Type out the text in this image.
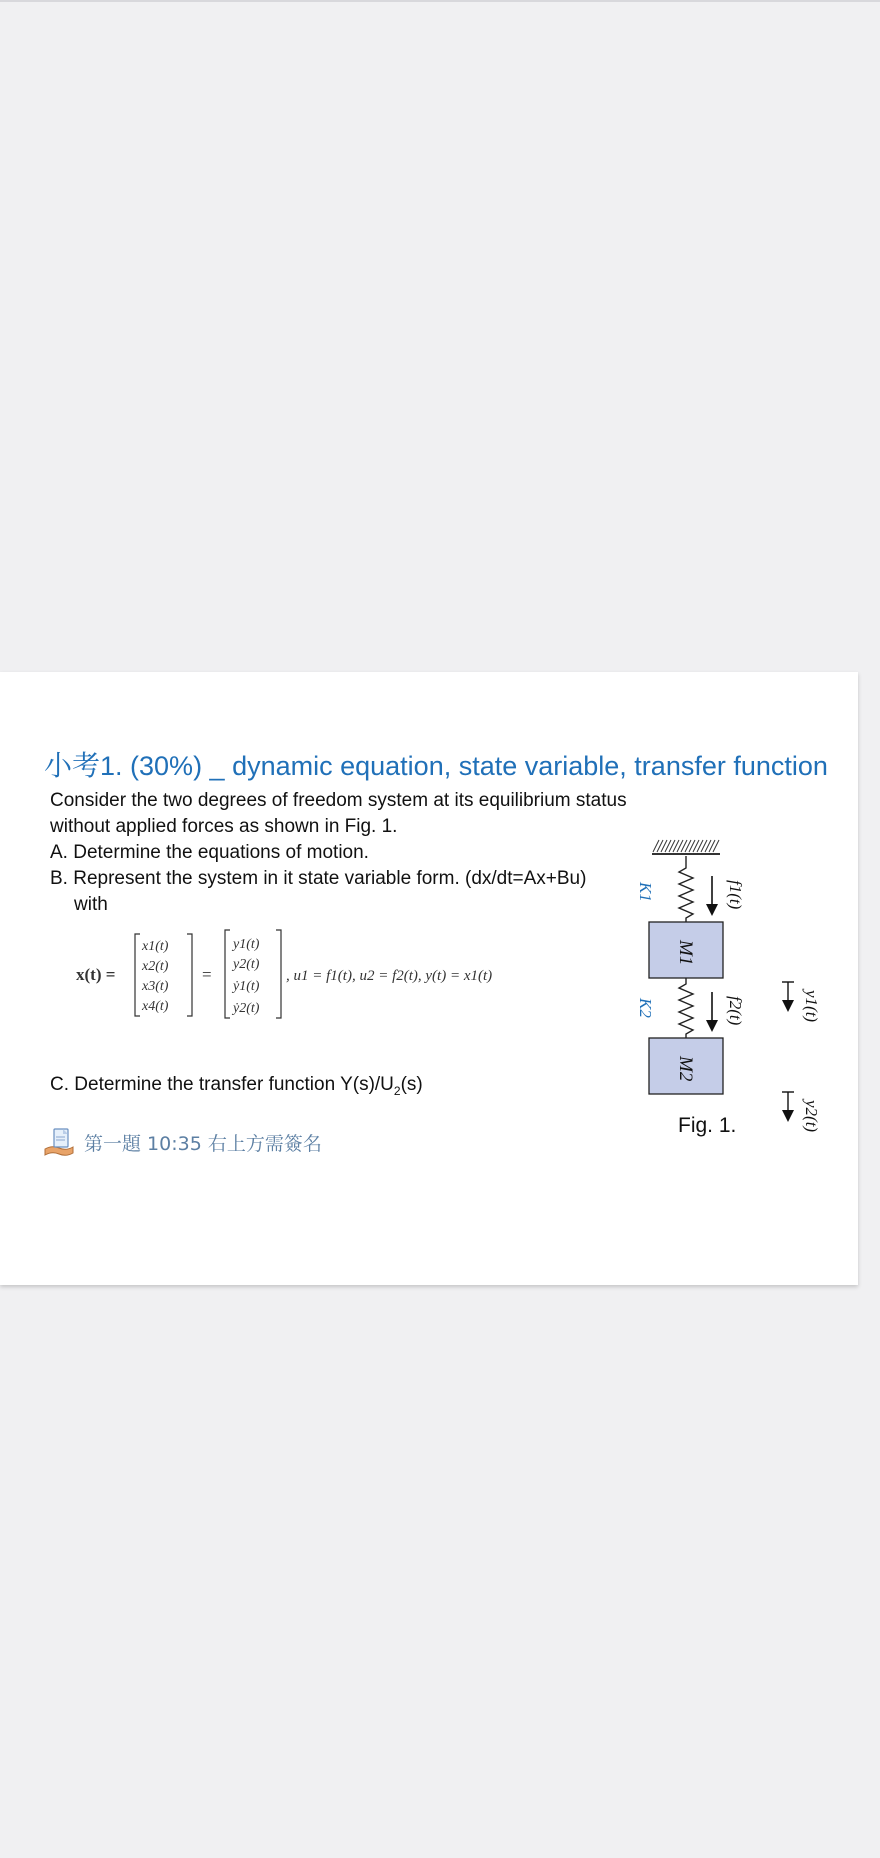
小考1. (30%) _ dynamic equation, state variable, transfer function
Consider the two degrees of freedom system at its equilibrium status
without applied forces as shown in Fig. 1.
A. Determine the equations of motion.
B. Represent the system in it state variable form. (dx/dt=Ax+Bu)
with
x(t) =
x1(t)
x2(t)
x3(t)
x4(t)
=
y1(t)
y2(t)
ẏ1(t)
ẏ2(t)
, u1 = f1(t), u2 = f2(t), y(t) = x1(t)
C. Determine the transfer function $Y(s)/U_2(s)$
第一題 10:35 右上方需簽名
K1
K2
M1
M2
f1(t)
f2(t)	y1(t)
y2(t)
Fig. 1.
